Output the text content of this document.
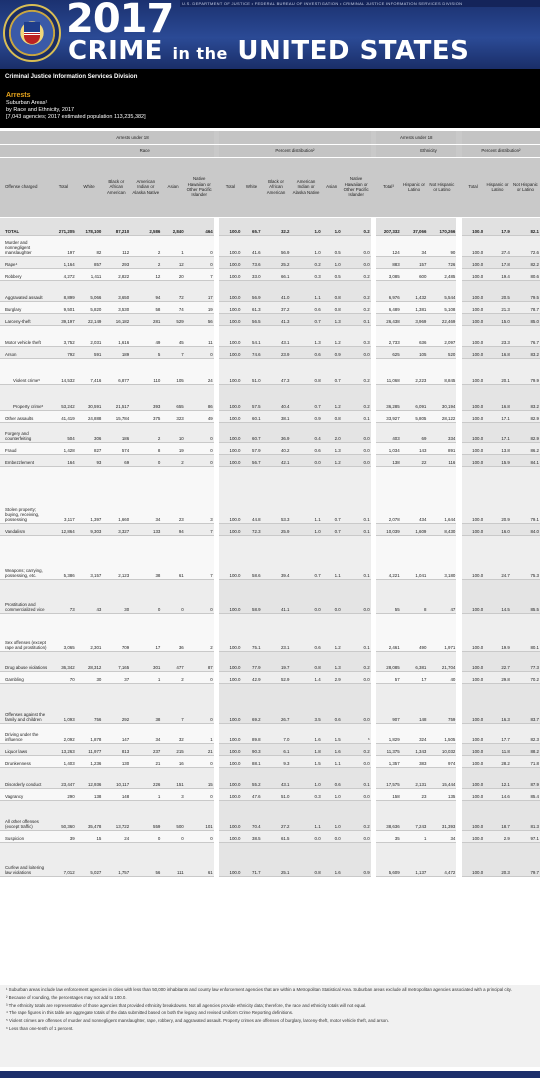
U.S. DEPARTMENT OF JUSTICE • FEDERAL BUREAU OF INVESTIGATION • CRIMINAL JUSTICE INFORMATION SERVICES DIVISION
2017
CRIME in the UNITED STATES
Criminal Justice Information Services Division
Arrests
Suburban Areas¹
by Race and Ethnicity, 2017
[7,043 agencies; 2017 estimated population 113,235,382]
	Arrests under 18														Arrests under 18						
		Race						Percent distribution²								Ethnicity			Percent distribution²		
Offense charged	Total	White	Black or African American	American Indian or Alaska Native	Asian	Native Hawaiian or Other Pacific Islander		Total	White	Black or African American	American Indian or Alaska Native	Asian	Native Hawaiian or Other Pacific Islander		Total³	Hispanic or Latino	Not Hispanic or Latino		Total	Hispanic or Latino	Not Hispanic or Latino
TOTAL	271,205	178,100	87,210	2,586	2,840	464		100.0	65.7	32.2	1.0	1.0	0.2		207,332	37,066	170,266		100.0	17.9	82.1
Murder and nonnegligent manslaughter	197	82	112	2	1	0		100.0	41.6	56.9	1.0	0.5	0.0		124	34	90		100.0	27.4	72.6
Rape⁴	1,164	857	293	2	12	0		100.0	73.6	25.2	0.2	1.0	0.0		883	157	726		100.0	17.8	82.2
Robbery	4,272	1,411	2,822	12	20	7		100.0	33.0	66.1	0.3	0.5	0.2		3,085	600	2,485		100.0	19.4	80.6
Aggravated assault	8,899	5,066	3,650	94	72	17		100.0	56.9	41.0	1.1	0.8	0.2		6,976	1,432	5,544		100.0	20.5	79.5
Burglary	9,501	5,820	3,530	58	74	19		100.0	61.3	37.2	0.6	0.8	0.2		6,489	1,381	5,108		100.0	21.3	78.7
Larceny-theft	39,197	22,149	16,182	281	529	56		100.0	56.5	41.3	0.7	1.3	0.1		26,438	3,969	22,469		100.0	15.0	85.0
Motor vehicle theft	3,752	2,031	1,616	49	45	11		100.0	54.1	43.1	1.3	1.2	0.3		2,733	636	2,097		100.0	23.3	76.7
Arson	792	591	189	5	7	0		100.0	74.6	23.9	0.6	0.9	0.0		625	105	520		100.0	16.8	83.2
Violent crime⁵	14,532	7,416	6,877	110	105	24		100.0	51.0	47.3	0.8	0.7	0.2		11,068	2,223	8,845		100.0	20.1	79.9
Property crime⁵	53,242	30,591	21,517	393	655	86		100.0	57.5	40.4	0.7	1.2	0.2		36,285	6,091	30,194		100.0	16.8	83.2
Other assaults	41,419	24,888	15,784	375	323	49		100.0	60.1	38.1	0.9	0.8	0.1		33,927	5,805	28,122		100.0	17.1	82.9
Forgery and counterfeiting	504	306	186	2	10	0		100.0	60.7	36.9	0.4	2.0	0.0		403	69	334		100.0	17.1	82.9
Fraud	1,428	827	574	8	19	0		100.0	57.9	40.2	0.6	1.3	0.0		1,034	143	891		100.0	13.8	86.2
Embezzlement	164	93	69	0	2	0		100.0	56.7	42.1	0.0	1.2	0.0		138	22	116		100.0	15.9	84.1
Stolen property; buying, receiving, possessing	3,117	1,397	1,660	34	23	3		100.0	44.8	53.3	1.1	0.7	0.1		2,078	434	1,644		100.0	20.9	79.1
Vandalism	12,864	9,303	3,327	133	94	7		100.0	72.3	25.9	1.0	0.7	0.1		10,039	1,609	8,430		100.0	16.0	84.0
Weapons; carrying, possessing, etc.	5,386	3,157	2,123	38	61	7		100.0	58.6	39.4	0.7	1.1	0.1		4,221	1,041	3,180		100.0	24.7	75.3
Prostitution and commercialized vice	73	43	30	0	0	0		100.0	58.9	41.1	0.0	0.0	0.0		55	8	47		100.0	14.5	85.5
Sex offenses (except rape and prostitution)	3,065	2,301	709	17	36	2		100.0	75.1	23.1	0.6	1.2	0.1		2,461	490	1,971		100.0	19.9	80.1
Drug abuse violations	36,342	28,312	7,165	301	477	87		100.0	77.9	19.7	0.8	1.3	0.2		28,085	6,381	21,704		100.0	22.7	77.3
Gambling	70	30	37	1	2	0		100.0	42.9	52.9	1.4	2.9	0.0		57	17	40		100.0	29.8	70.2
Offenses against the family and children	1,093	756	292	38	7	0		100.0	69.2	26.7	3.5	0.6	0.0		907	148	759		100.0	16.3	83.7
Driving under the influence	2,092	1,878	147	34	32	1		100.0	89.8	7.0	1.6	1.5	⁶		1,829	324	1,505		100.0	17.7	82.3
Liquor laws	13,263	11,977	813	237	215	21		100.0	90.3	6.1	1.8	1.6	0.2		11,375	1,343	10,032		100.0	11.8	88.2
Drunkenness	1,403	1,236	130	21	16	0		100.0	88.1	9.3	1.5	1.1	0.0		1,357	383	974		100.0	28.2	71.8
Disorderly conduct	23,447	12,936	10,117	226	151	15		100.0	55.2	43.1	1.0	0.6	0.1		17,575	2,131	15,444		100.0	12.1	87.9
Vagrancy	290	138	148	1	3	0		100.0	47.6	51.0	0.3	1.0	0.0		158	23	135		100.0	14.6	85.4
All other offenses (except traffic)	50,360	35,478	13,722	559	500	101		100.0	70.4	27.2	1.1	1.0	0.2		38,636	7,243	31,393		100.0	18.7	81.3
Suspicion	39	15	24	0	0	0		100.0	38.5	61.5	0.0	0.0	0.0		35	1	34		100.0	2.9	97.1
Curfew and loitering law violations	7,012	5,027	1,757	56	111	61		100.0	71.7	25.1	0.8	1.6	0.9		5,609	1,137	4,472		100.0	20.3	79.7

¹ Suburban areas include law enforcement agencies in cities with less than 50,000 inhabitants and county law enforcement agencies that are within a Metropolitan Statistical Area. Suburban areas exclude all metropolitan agencies associated with a principal city.

² Because of rounding, the percentages may not add to 100.0.

³ The ethnicity totals are representative of those agencies that provided ethnicity breakdowns. Not all agencies provide ethnicity data; therefore, the race and ethnicity totals will not equal.

⁴ The rape figures in this table are aggregate totals of the data submitted based on both the legacy and revised Uniform Crime Reporting definitions.

⁵ Violent crimes are offenses of murder and nonnegligent manslaughter, rape, robbery, and aggravated assault. Property crimes are offenses of burglary, larceny-theft, motor vehicle theft, and arson.

⁶ Less than one-tenth of 1 percent.
